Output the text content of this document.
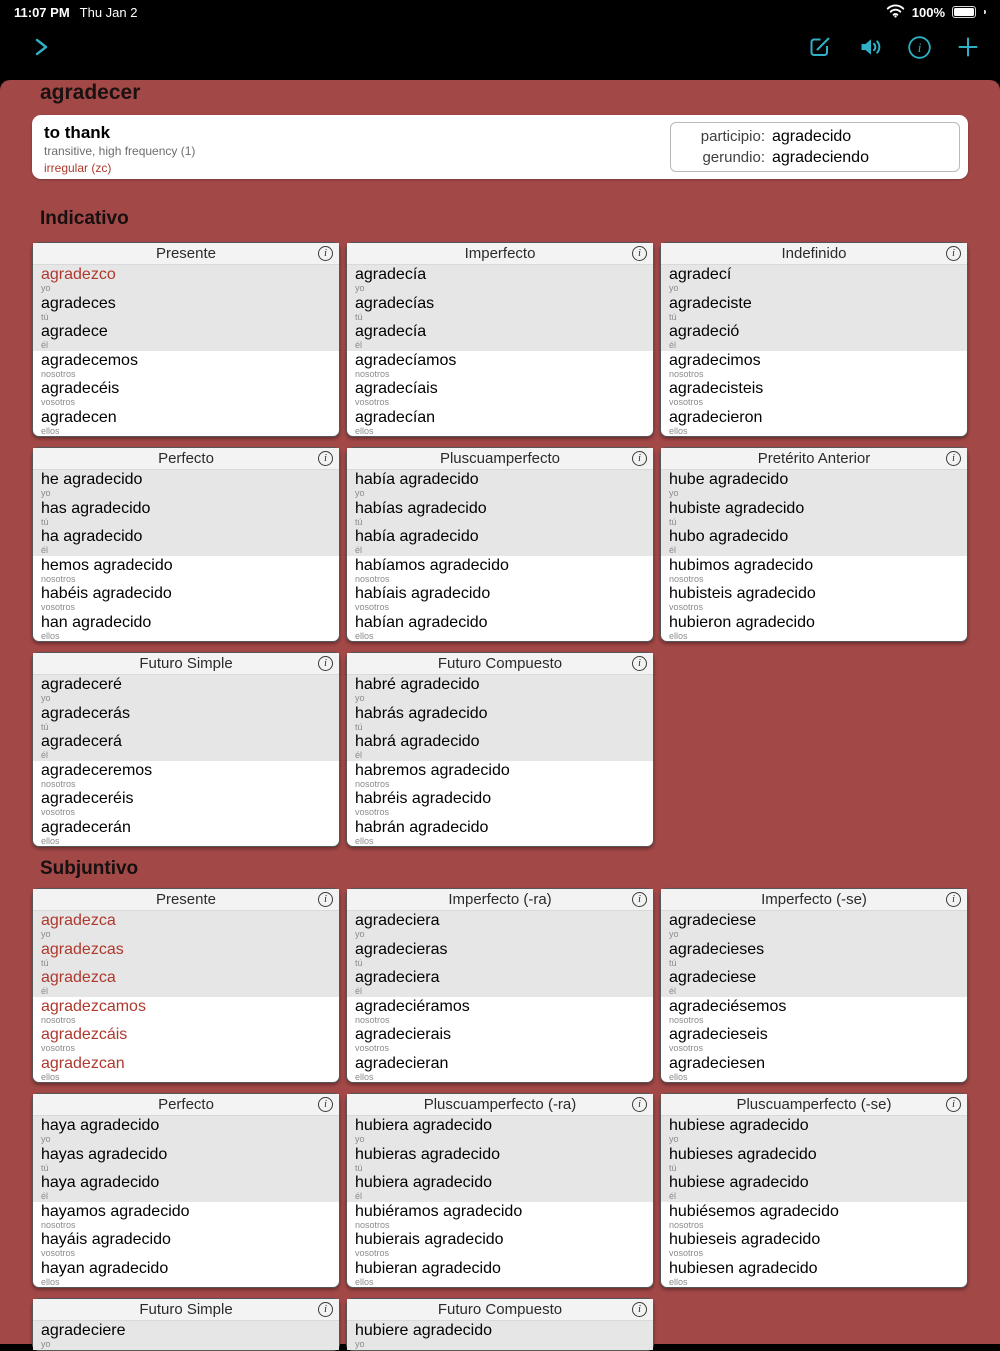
11:07 PM Thu Jan 2	100%
i
agradecer
to thank
transitive, high frequency (1)
irregular (zc)
participio: agradecido
gerundio: agradeciendo
Indicativo
Presente	i
agradezco
yo
agradeces
tú
agradece
él
agradecemos
nosotros
agradecéis
vosotros
agradecen
ellos
Imperfecto	i
agradecía
yo
agradecías
tú
agradecía
él
agradecíamos
nosotros
agradecíais
vosotros
agradecían
ellos
Indefinido	i
agradecí
yo
agradeciste
tú
agradeció
él
agradecimos
nosotros
agradecisteis
vosotros
agradecieron
ellos
Perfecto	i
he agradecido
yo
has agradecido
tú
ha agradecido
él
hemos agradecido
nosotros
habéis agradecido
vosotros
han agradecido
ellos
Pluscuamperfecto	i
había agradecido
yo
habías agradecido
tú
había agradecido
él
habíamos agradecido
nosotros
habíais agradecido
vosotros
habían agradecido
ellos
Pretérito Anterior	i
hube agradecido
yo
hubiste agradecido
tú
hubo agradecido
él
hubimos agradecido
nosotros
hubisteis agradecido
vosotros
hubieron agradecido
ellos
Futuro Simple	i
agradeceré
yo
agradecerás
tú
agradecerá
él
agradeceremos
nosotros
agradeceréis
vosotros
agradecerán
ellos
Futuro Compuesto	i
habré agradecido
yo
habrás agradecido
tú
habrá agradecido
él
habremos agradecido
nosotros
habréis agradecido
vosotros
habrán agradecido
ellos
Subjuntivo
Presente	i
agradezca
yo
agradezcas
tú
agradezca
él
agradezcamos
nosotros
agradezcáis
vosotros
agradezcan
ellos
Imperfecto (-ra)	i
agradeciera
yo
agradecieras
tú
agradeciera
él
agradeciéramos
nosotros
agradecierais
vosotros
agradecieran
ellos
Imperfecto (-se)	i
agradeciese
yo
agradecieses
tú
agradeciese
él
agradeciésemos
nosotros
agradecieseis
vosotros
agradeciesen
ellos
Perfecto	i
haya agradecido
yo
hayas agradecido
tú
haya agradecido
él
hayamos agradecido
nosotros
hayáis agradecido
vosotros
hayan agradecido
ellos
Pluscuamperfecto (-ra)	i
hubiera agradecido
yo
hubieras agradecido
tú
hubiera agradecido
él
hubiéramos agradecido
nosotros
hubierais agradecido
vosotros
hubieran agradecido
ellos
Pluscuamperfecto (-se)	i
hubiese agradecido
yo
hubieses agradecido
tú
hubiese agradecido
él
hubiésemos agradecido
nosotros
hubieseis agradecido
vosotros
hubiesen agradecido
ellos
Futuro Simple	i
agradeciere
yo
Futuro Compuesto	i
hubiere agradecido
yo
